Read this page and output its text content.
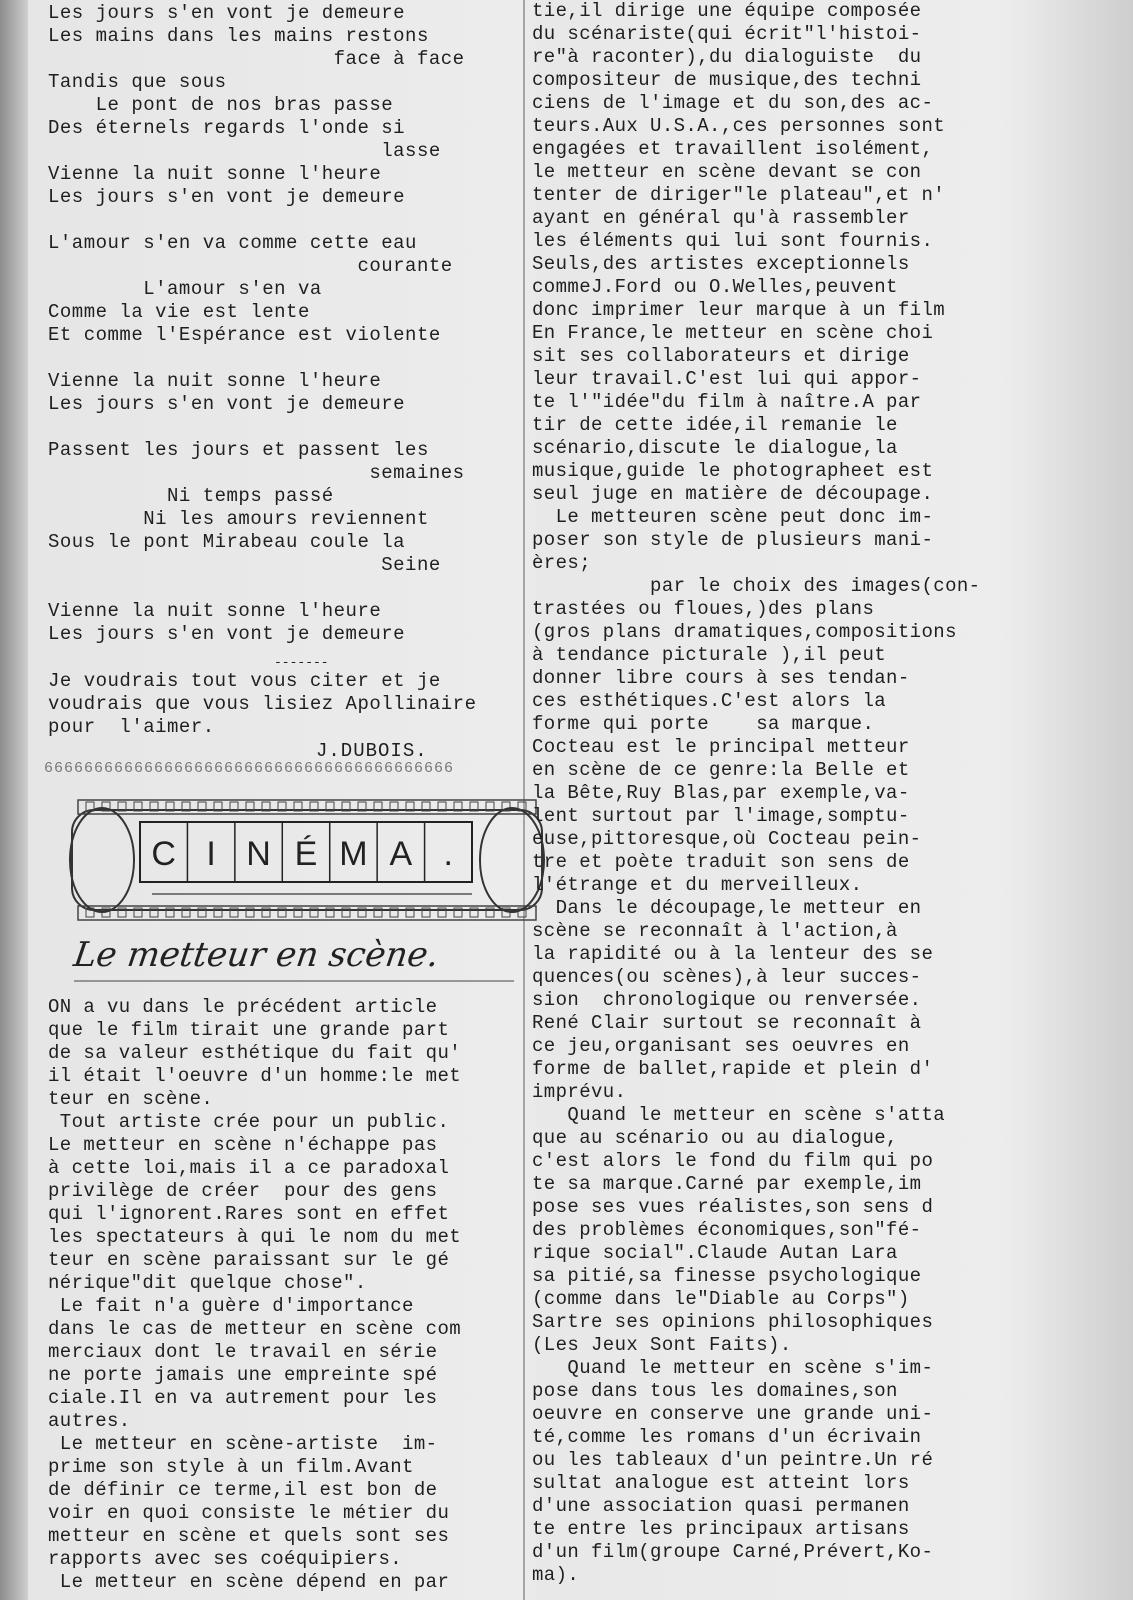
Les jours s'en vont je demeure
Les mains dans les mains restons
face à face
Tandis que sous
Le pont de nos bras passe
Des éternels regards l'onde si
lasse
Vienne la nuit sonne l'heure
Les jours s'en vont je demeure
L'amour s'en va comme cette eau
courante
L'amour s'en va
Comme la vie est lente
Et comme l'Espérance est violente
Vienne la nuit sonne l'heure
Les jours s'en vont je demeure
Passent les jours et passent les
semaines
Ni temps passé
Ni les amours reviennent
Sous le pont Mirabeau coule la
Seine
Vienne la nuit sonne l'heure
Les jours s'en vont je demeure
-------
Je voudrais tout vous citer et je
voudrais que vous lisiez Apollinaire
pour  l'aimer.
J.DUBOIS.
66666666666666666666666666666666666666666
C I N É M A .
Le metteur en scène.
ON a vu dans le précédent article
que le film tirait une grande part
de sa valeur esthétique du fait qu'
il était l'oeuvre d'un homme:le met
teur en scène.
Tout artiste crée pour un public.
Le metteur en scène n'échappe pas
à cette loi,mais il a ce paradoxal
privilège de créer  pour des gens
qui l'ignorent.Rares sont en effet
les spectateurs à qui le nom du met
teur en scène paraissant sur le gé
nérique"dit quelque chose".
Le fait n'a guère d'importance
dans le cas de metteur en scène com
merciaux dont le travail en série
ne porte jamais une empreinte spé
ciale.Il en va autrement pour les
autres.
Le metteur en scène-artiste  im-
prime son style à un film.Avant
de définir ce terme,il est bon de
voir en quoi consiste le métier du
metteur en scène et quels sont ses
rapports avec ses coéquipiers.
Le metteur en scène dépend en par
tie,il dirige une équipe composée
du scénariste(qui écrit"l'histoi-
re"à raconter),du dialoguiste  du
compositeur de musique,des techni
ciens de l'image et du son,des ac-
teurs.Aux U.S.A.,ces personnes sont
engagées et travaillent isolément,
le metteur en scène devant se con
tenter de diriger"le plateau",et n'
ayant en général qu'à rassembler
les éléments qui lui sont fournis.
Seuls,des artistes exceptionnels
commeJ.Ford ou O.Welles,peuvent
donc imprimer leur marque à un film
En France,le metteur en scène choi
sit ses collaborateurs et dirige
leur travail.C'est lui qui appor-
te l'"idée"du film à naître.A par
tir de cette idée,il remanie le
scénario,discute le dialogue,la
musique,guide le photographeet est
seul juge en matière de découpage.
Le metteuren scène peut donc im-
poser son style de plusieurs mani-
ères;
par le choix des images(con-
trastées ou floues,)des plans
(gros plans dramatiques,compositions
à tendance picturale ),il peut
donner libre cours à ses tendan-
ces esthétiques.C'est alors la
forme qui porte    sa marque.
Cocteau est le principal metteur
en scène de ce genre:la Belle et
la Bête,Ruy Blas,par exemple,va-
lent surtout par l'image,somptu-
euse,pittoresque,où Cocteau pein-
tre et poète traduit son sens de
l'étrange et du merveilleux.
Dans le découpage,le metteur en
scène se reconnaît à l'action,à
la rapidité ou à la lenteur des se
quences(ou scènes),à leur succes-
sion  chronologique ou renversée.
René Clair surtout se reconnaît à
ce jeu,organisant ses oeuvres en
forme de ballet,rapide et plein d'
imprévu.
Quand le metteur en scène s'atta
que au scénario ou au dialogue,
c'est alors le fond du film qui po
te sa marque.Carné par exemple,im
pose ses vues réalistes,son sens d
des problèmes économiques,son"fé-
rique social".Claude Autan Lara
sa pitié,sa finesse psychologique
(comme dans le"Diable au Corps")
Sartre ses opinions philosophiques
(Les Jeux Sont Faits).
Quand le metteur en scène s'im-
pose dans tous les domaines,son
oeuvre en conserve une grande uni-
té,comme les romans d'un écrivain
ou les tableaux d'un peintre.Un ré
sultat analogue est atteint lors
d'une association quasi permanen
te entre les principaux artisans
d'un film(groupe Carné,Prévert,Ko-
ma).
